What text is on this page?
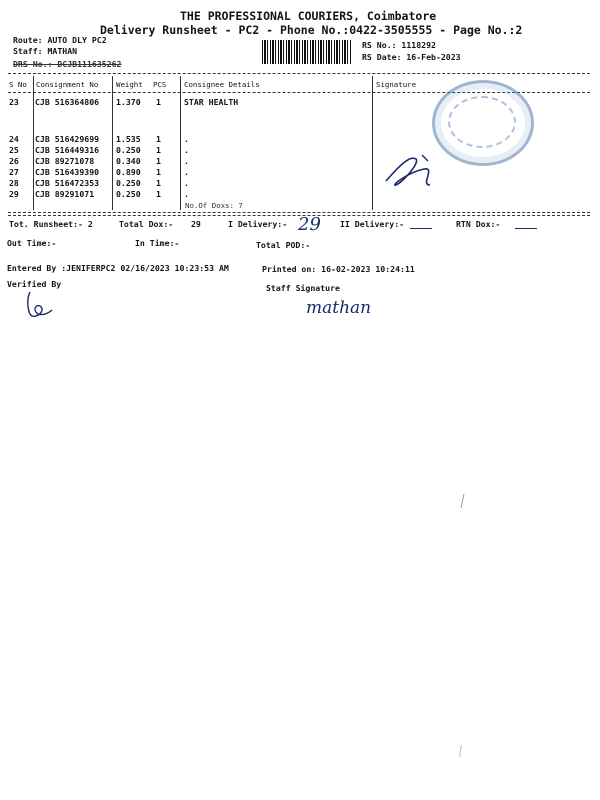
THE PROFESSIONAL COURIERS, Coimbatore
Delivery Runsheet - PC2 - Phone No.:0422-3505555 - Page No.:2
Route: AUTO DLY PC2
Staff: MATHAN
DRS No.: DCJB111635262
RS No.: 1118292
RS Date: 16-Feb-2023
S No Consignment No Weight PCS Consignee Details	Signature
23 CJB 516364806 1.370 1	STAR HEALTH
24 CJB 516429699 1.535 1	.
25 CJB 516449316 0.250 1	.
26 CJB 89271078	0.340 1	.
27 CJB 516439390 0.890 1	.
28 CJB 516472353 0.250 1	.
29 CJB 89291071	0.250 1	.
No.Of Doxs: 7
Tot. Runsheet:- 2	Total Dox:- 29	I Delivery:- 29 II Delivery:-	RTN Dox:-
Out Time:-	In Time:-	Total POD:-
Entered By :JENIFERPC2 02/16/2023 10:23:53 AM	Printed on: 16-02-2023 10:24:11
Verified By	Staff Signature
mathan
